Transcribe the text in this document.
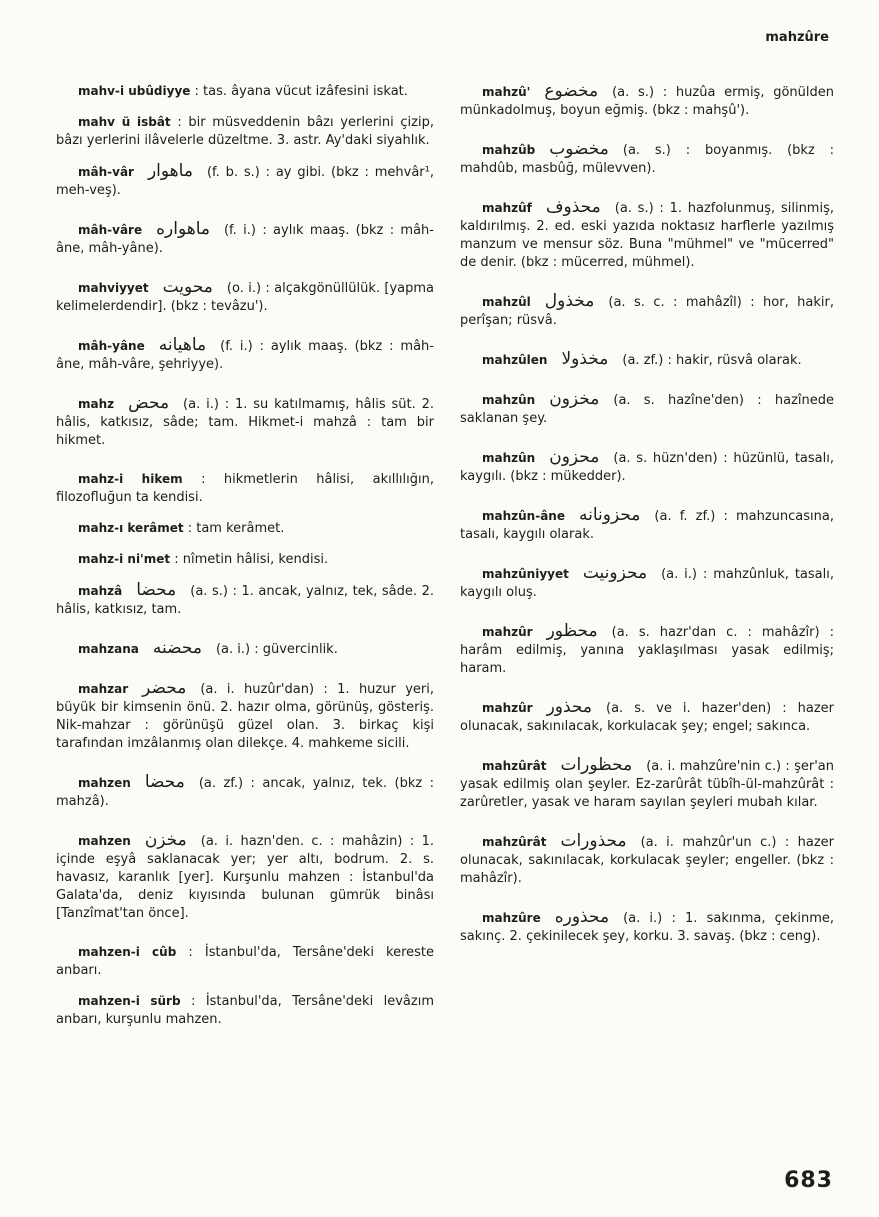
mahzûre
mahv-i ubûdiyye : tas. âyana vücut izâfesini iskat.
mahv ü isbât : bir müsveddenin bâzı yerlerini çizip, bâzı yerlerini ilâvelerle düzeltme. 3. astr. Ay'daki siyahlık.
mâh-vâr ماهوار (f. b. s.) : ay gibi. (bkz : mehvâr¹, meh-veş).
mâh-vâre ماهواره (f. i.) : aylık maaş. (bkz : mâh-âne, mâh-yâne).
mahviyyet محويت (o. i.) : alçakgönüllülük. [yapma kelimelerdendir]. (bkz : tevâzu').
mâh-yâne ماهيانه (f. i.) : aylık maaş. (bkz : mâh-âne, mâh-vâre, şehriyye).
mahz محض (a. i.) : 1. su katılmamış, hâlis süt. 2. hâlis, katkısız, sâde; tam. Hikmet-i mahzâ : tam bir hikmet.
mahz-i hikem : hikmetlerin hâlisi, akıllılığın, filozofluğun ta kendisi.
mahz-ı kerâmet : tam kerâmet.
mahz-i ni'met : nîmetin hâlisi, kendisi.
mahzâ محضا (a. s.) : 1. ancak, yalnız, tek, sâde. 2. hâlis, katkısız, tam.
mahzana محضنه (a. i.) : güvercinlik.
mahzar محضر (a. i. huzûr'dan) : 1. huzur yeri, büyük bir kimsenin önü. 2. hazır olma, görünüş, gösteriş. Nik-mahzar : görünüşü güzel olan. 3. birkaç kişi tarafından imzâlanmış olan dilekçe. 4. mahkeme sicili.
mahzen محضا (a. zf.) : ancak, yalnız, tek. (bkz : mahzâ).
mahzen مخزن (a. i. hazn'den. c. : mahâzin) : 1. içinde eşyâ saklanacak yer; yer altı, bodrum. 2. s. havasız, karanlık [yer]. Kurşunlu mahzen : İstanbul'da Galata'da, deniz kıyısında bulunan gümrük binâsı [Tanzîmat'tan önce].
mahzen-i cûb : İstanbul'da, Tersâne'deki kereste anbarı.
mahzen-i sürb : İstanbul'da, Tersâne'deki levâzım anbarı, kurşunlu mahzen.
mahzû' مخضوع (a. s.) : huzûa ermiş, gönülden münkadolmuş, boyun eğmiş. (bkz : mahşû').
mahzûb مخضوب (a. s.) : boyanmış. (bkz : mahdûb, masbûğ, mülevven).
mahzûf محذوف (a. s.) : 1. hazfolunmuş, silinmiş, kaldırılmış. 2. ed. eski yazıda noktasız harflerle yazılmış manzum ve mensur söz. Buna "mühmel" ve "mücerred" de denir. (bkz : mücerred, mühmel).
mahzûl مخذول (a. s. c. : mahâzîl) : hor, hakir, perîşan; rüsvâ.
mahzûlen مخذولا (a. zf.) : hakir, rüsvâ olarak.
mahzûn مخزون (a. s. hazîne'den) : hazînede saklanan şey.
mahzûn محزون (a. s. hüzn'den) : hüzünlü, tasalı, kaygılı. (bkz : mükedder).
mahzûn-âne محزونانه (a. f. zf.) : mahzuncasına, tasalı, kaygılı olarak.
mahzûniyyet محزونيت (a. i.) : mahzûnluk, tasalı, kaygılı oluş.
mahzûr محظور (a. s. hazr'dan c. : mahâzîr) : harâm edilmiş, yanına yaklaşılması yasak edilmiş; haram.
mahzûr محذور (a. s. ve i. hazer'den) : hazer olunacak, sakınılacak, korkulacak şey; engel; sakınca.
mahzûrât محظورات (a. i. mahzûre'nin c.) : şer'an yasak edilmiş olan şeyler. Ez-zarûrât tübîh-ül-mahzûrât : zarûretler, yasak ve haram sayılan şeyleri mubah kılar.
mahzûrât محذورات (a. i. mahzûr'un c.) : hazer olunacak, sakınılacak, korkulacak şeyler; engeller. (bkz : mahâzîr).
mahzûre محذوره (a. i.) : 1. sakınma, çekinme, sakınç. 2. çekinilecek şey, korku. 3. savaş. (bkz : ceng).
683
